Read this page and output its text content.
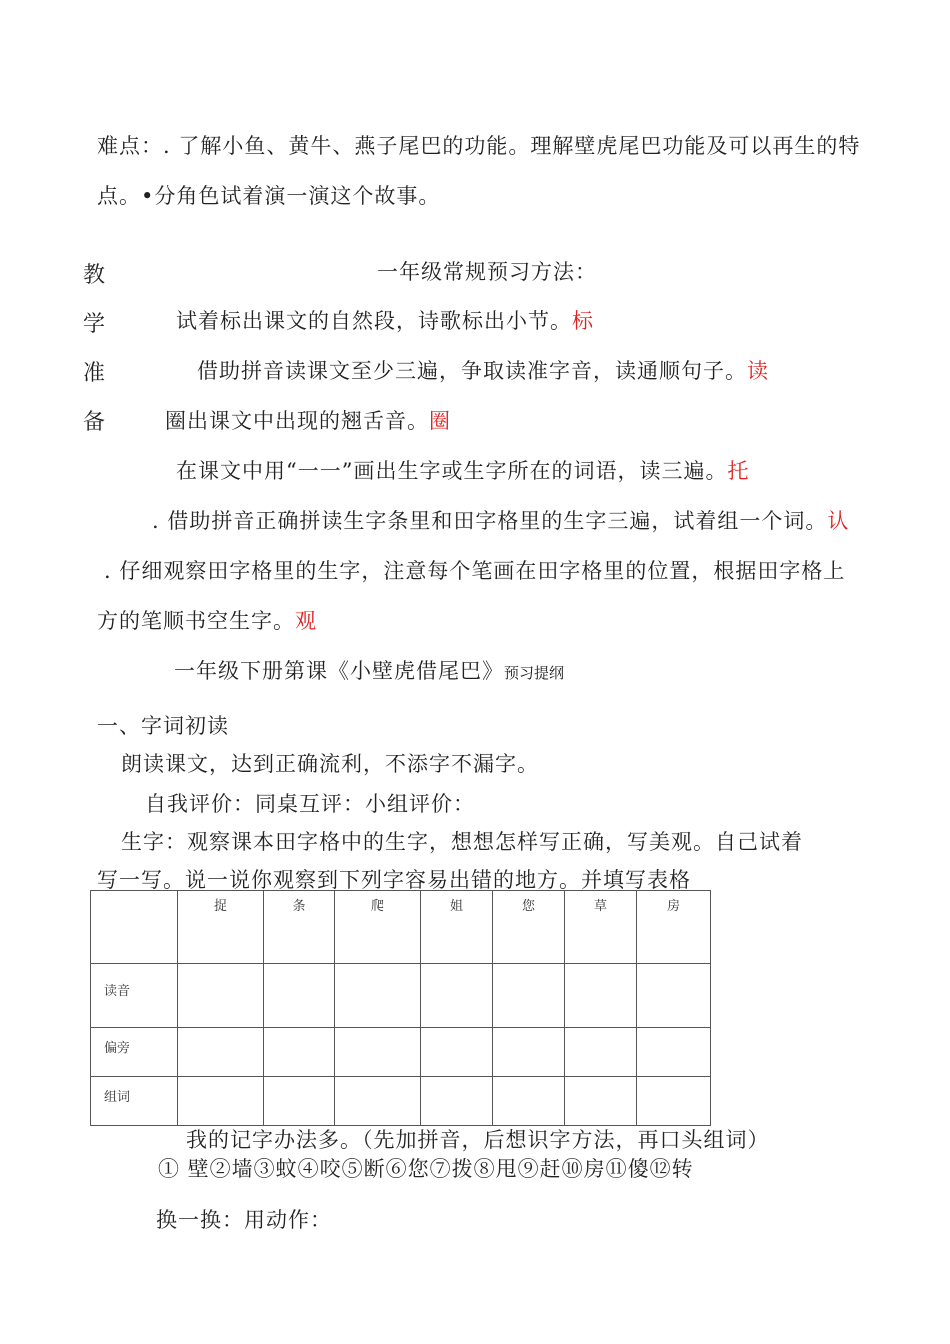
难点：. 了解小鱼、黄牛、燕子尾巴的功能。理解壁虎尾巴功能及可以再生的特
点。•分角色试着演一演这个故事。
教
学
准
备
一年级常规预习方法：
试着标出课文的自然段，诗歌标出小节。标
借助拼音读课文至少三遍，争取读准字音，读通顺句子。读
圈出课文中出现的翘舌音。圈
在课文中用“一一”画出生字或生字所在的词语，读三遍。托
. 借助拼音正确拼读生字条里和田字格里的生字三遍，试着组一个词。认
. 仔细观察田字格里的生字，注意每个笔画在田字格里的位置，根据田字格上
方的笔顺书空生字。观
一年级下册第课《小壁虎借尾巴》预习提纲
一、字词初读
朗读课文，达到正确流利，不添字不漏字。
自我评价：同桌互评：小组评价：
生字：观察课本田字格中的生字，想想怎样写正确，写美观。自己试着
写一写。说一说你观察到下列字容易出错的地方。并填写表格
	捉	条	爬	姐	您	草	房
读音							
偏旁							
组词							
我的记字办法多。（先加拼音，后想识字方法，再口头组词）
① 壁②墙③蚊④咬⑤断⑥您⑦拨⑧甩⑨赶⑩房⑪傻⑫转
换一换：用动作：
